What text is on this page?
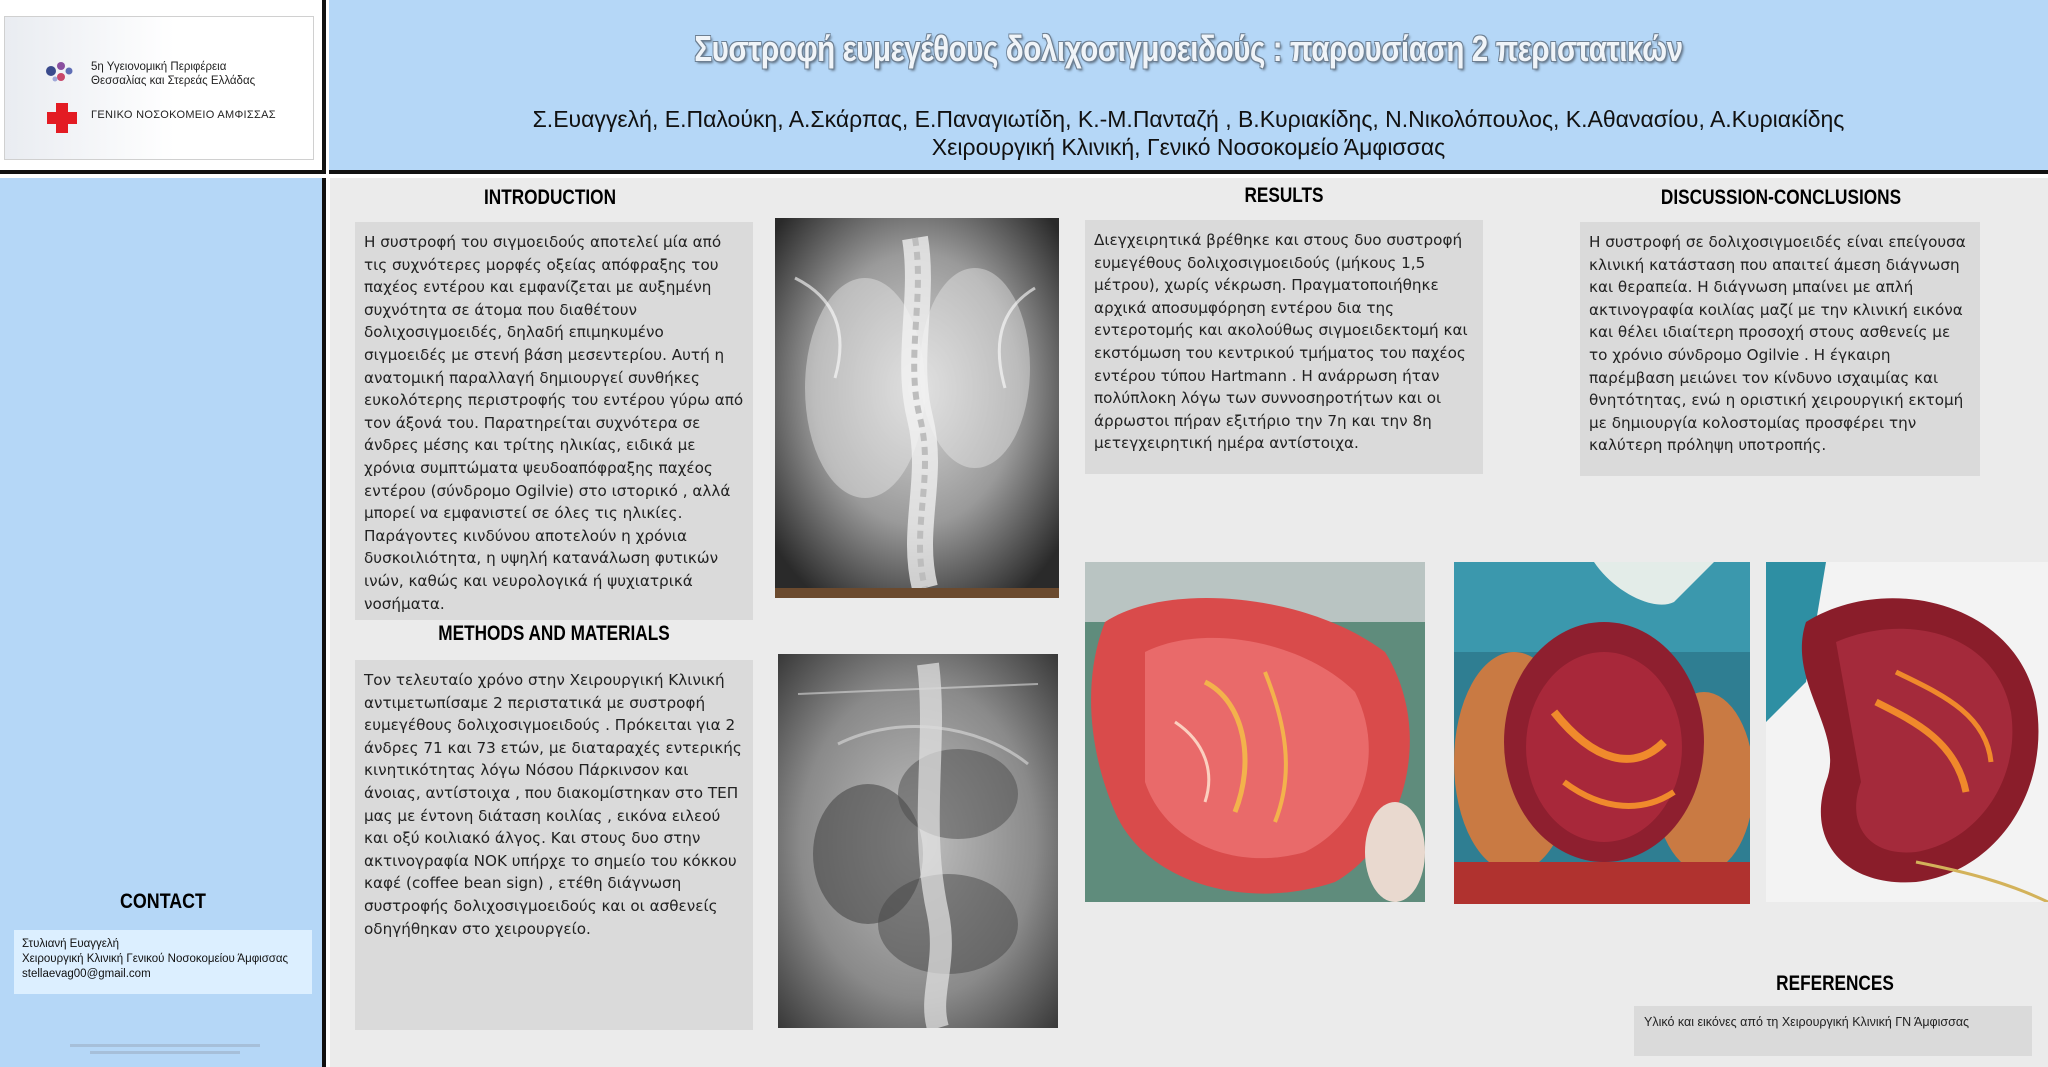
5η Υγειονομική Περιφέρεια
Θεσσαλίας και Στερεάς Ελλάδας
ΓΕΝΙΚΟ ΝΟΣΟΚΟΜΕΙΟ ΑΜΦΙΣΣΑΣ
Συστροφή ευμεγέθους δολιχοσιγμοειδούς : παρουσίαση 2 περιστατικών
Σ.Ευαγγελή, Ε.Παλούκη, Α.Σκάρπας, Ε.Παναγιωτίδη, Κ.-Μ.Πανταζή , Β.Κυριακίδης, Ν.Νικολόπουλος, Κ.Αθανασίου, Α.Κυριακίδης
Χειρουργική Κλινική, Γενικό Νοσοκομείο Άμφισσας
CONTACT
Στυλιανή Ευαγγελή
Χειρουργική Κλινική Γενικού Νοσοκομείου Άμφισσας
stellaevag00@gmail.com
INTRODUCTION
Η συστροφή του σιγμοειδούς αποτελεί μία από τις συχνότερες μορφές οξείας απόφραξης του παχέος εντέρου και εμφανίζεται με αυξημένη συχνότητα σε άτομα που διαθέτουν δολιχοσιγμοειδές, δηλαδή επιμηκυμένο σιγμοειδές με στενή βάση μεσεντερίου. Αυτή η ανατομική παραλλαγή δημιουργεί συνθήκες ευκολότερης περιστροφής του εντέρου γύρω από τον άξονά του. Παρατηρείται συχνότερα σε άνδρες μέσης και τρίτης ηλικίας, ειδικά με χρόνια συμπτώματα ψευδοαπόφραξης παχέος εντέρου (σύνδρομο Ogilvie) στο ιστορικό , αλλά μπορεί να εμφανιστεί σε όλες τις ηλικίες. Παράγοντες κινδύνου αποτελούν η χρόνια δυσκοιλιότητα, η υψηλή κατανάλωση φυτικών ινών, καθώς και νευρολογικά ή ψυχιατρικά νοσήματα.
METHODS AND MATERIALS
Τον τελευταίο χρόνο στην Χειρουργική Κλινική αντιμετωπίσαμε 2 περιστατικά με συστροφή ευμεγέθους δολιχοσιγμοειδούς . Πρόκειται για 2 άνδρες 71 και 73 ετών, με διαταραχές εντερικής κινητικότητας λόγω Νόσου Πάρκινσον και άνοιας, αντίστοιχα , που διακομίστηκαν στο ΤΕΠ μας με έντονη διάταση κοιλίας , εικόνα ειλεού και οξύ κοιλιακό άλγος. Και στους δυο στην ακτινογραφία ΝΟΚ υπήρχε το σημείο του κόκκου καφέ (coffee bean sign) , ετέθη διάγνωση συστροφής δολιχοσιγμοειδούς και οι ασθενείς οδηγήθηκαν στο χειρουργείο.
RESULTS
Διεγχειρητικά βρέθηκε και στους δυο συστροφή ευμεγέθους δολιχοσιγμοειδούς (μήκους 1,5 μέτρου), χωρίς νέκρωση. Πραγματοποιήθηκε αρχικά αποσυμφόρηση εντέρου δια της εντεροτομής και ακολούθως σιγμοειδεκτομή και εκστόμωση του κεντρικού τμήματος του παχέος εντέρου τύπου Hartmann . Η ανάρρωση ήταν πολύπλοκη λόγω των συννοσηροτήτων και οι άρρωστοι πήραν εξιτήριο την 7η και την 8η μετεγχειρητική ημέρα αντίστοιχα.
DISCUSSION-CONCLUSIONS
Η συστροφή σε δολιχοσιγμοειδές είναι επείγουσα κλινική κατάσταση που απαιτεί άμεση διάγνωση και θεραπεία. Η διάγνωση μπαίνει με απλή ακτινογραφία κοιλίας μαζί με την κλινική εικόνα και θέλει ιδιαίτερη προσοχή στους ασθενείς με το χρόνιο σύνδρομο Ogilvie . Η έγκαιρη παρέμβαση μειώνει τον κίνδυνο ισχαιμίας και θνητότητας, ενώ η οριστική χειρουργική εκτομή με δημιουργία κολοστομίας προσφέρει την καλύτερη πρόληψη υποτροπής.
REFERENCES
Υλικό και εικόνες από τη Χειρουργική Κλινική ΓΝ Άμφισσας
